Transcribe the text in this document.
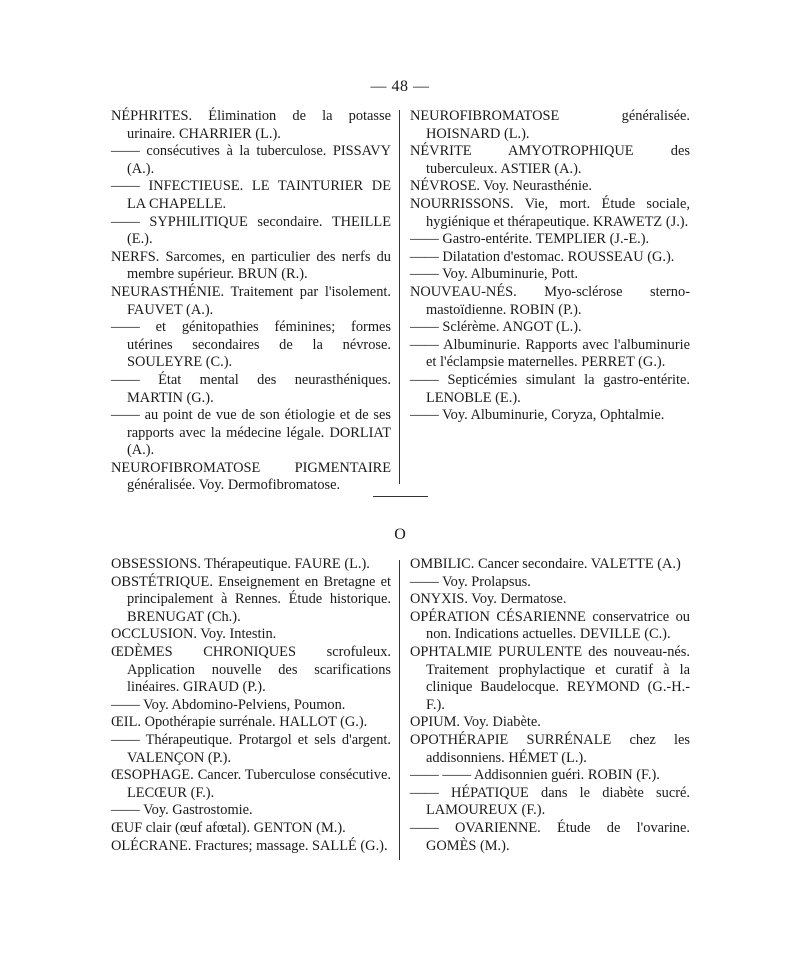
— 48 —

NÉPHRITES. Élimination de la potasse urinaire. CHARRIER (L.).

—— consécutives à la tuberculose. PISSAVY (A.).

—— INFECTIEUSE. LE TAINTURIER DE LA CHAPELLE.

—— SYPHILITIQUE secondaire. THEILLE (E.).

NERFS. Sarcomes, en particulier des nerfs du membre supérieur. BRUN (R.).

NEURASTHÉNIE. Traitement par l'isolement. FAUVET (A.).

—— et génitopathies féminines; formes utérines secondaires de la névrose. SOULEYRE (C.).

—— État mental des neurasthéniques. MARTIN (G.).

—— au point de vue de son étiologie et de ses rapports avec la médecine légale. DORLIAT (A.).

NEUROFIBROMATOSE PIGMENTAIRE généralisée. Voy. Dermofibromatose.

NEUROFIBROMATOSE généralisée. HOISNARD (L.).

NÉVRITE AMYOTROPHIQUE des tuberculeux. ASTIER (A.).

NÉVROSE. Voy. Neurasthénie.

NOURRISSONS. Vie, mort. Étude sociale, hygiénique et thérapeutique. KRAWETZ (J.).

—— Gastro-entérite. TEMPLIER (J.-E.).

—— Dilatation d'estomac. ROUSSEAU (G.).

—— Voy. Albuminurie, Pott.

NOUVEAU-NÉS. Myo-sclérose sterno-mastoïdienne. ROBIN (P.).

—— Sclérème. ANGOT (L.).

—— Albuminurie. Rapports avec l'albuminurie et l'éclampsie maternelles. PERRET (G.).

—— Septicémies simulant la gastro-entérite. LENOBLE (E.).

—— Voy. Albuminurie, Coryza, Ophtalmie.

O

OBSESSIONS. Thérapeutique. FAURE (L.).

OBSTÉTRIQUE. Enseignement en Bretagne et principalement à Rennes. Étude historique. BRENUGAT (Ch.).

OCCLUSION. Voy. Intestin.

ŒDÈMES CHRONIQUES scrofuleux. Application nouvelle des scarifications linéaires. GIRAUD (P.).

—— Voy. Abdomino-Pelviens, Poumon.

ŒIL. Opothérapie surrénale. HALLOT (G.).

—— Thérapeutique. Protargol et sels d'argent. VALENÇON (P.).

ŒSOPHAGE. Cancer. Tuberculose consécutive. LECŒUR (F.).

—— Voy. Gastrostomie.

ŒUF clair (œuf afœtal). GENTON (M.).

OLÉCRANE. Fractures; massage. SALLÉ (G.).

OMBILIC. Cancer secondaire. VALETTE (A.)

—— Voy. Prolapsus.

ONYXIS. Voy. Dermatose.

OPÉRATION CÉSARIENNE conservatrice ou non. Indications actuelles. DEVILLE (C.).

OPHTALMIE PURULENTE des nouveau-nés. Traitement prophylactique et curatif à la clinique Baudelocque. REYMOND (G.-H.-F.).

OPIUM. Voy. Diabète.

OPOTHÉRAPIE SURRÉNALE chez les addisonniens. HÉMET (L.).

—— —— Addisonnien guéri. ROBIN (F.).

—— HÉPATIQUE dans le diabète sucré. LAMOUREUX (F.).

—— OVARIENNE. Étude de l'ovarine. GOMÈS (M.).
